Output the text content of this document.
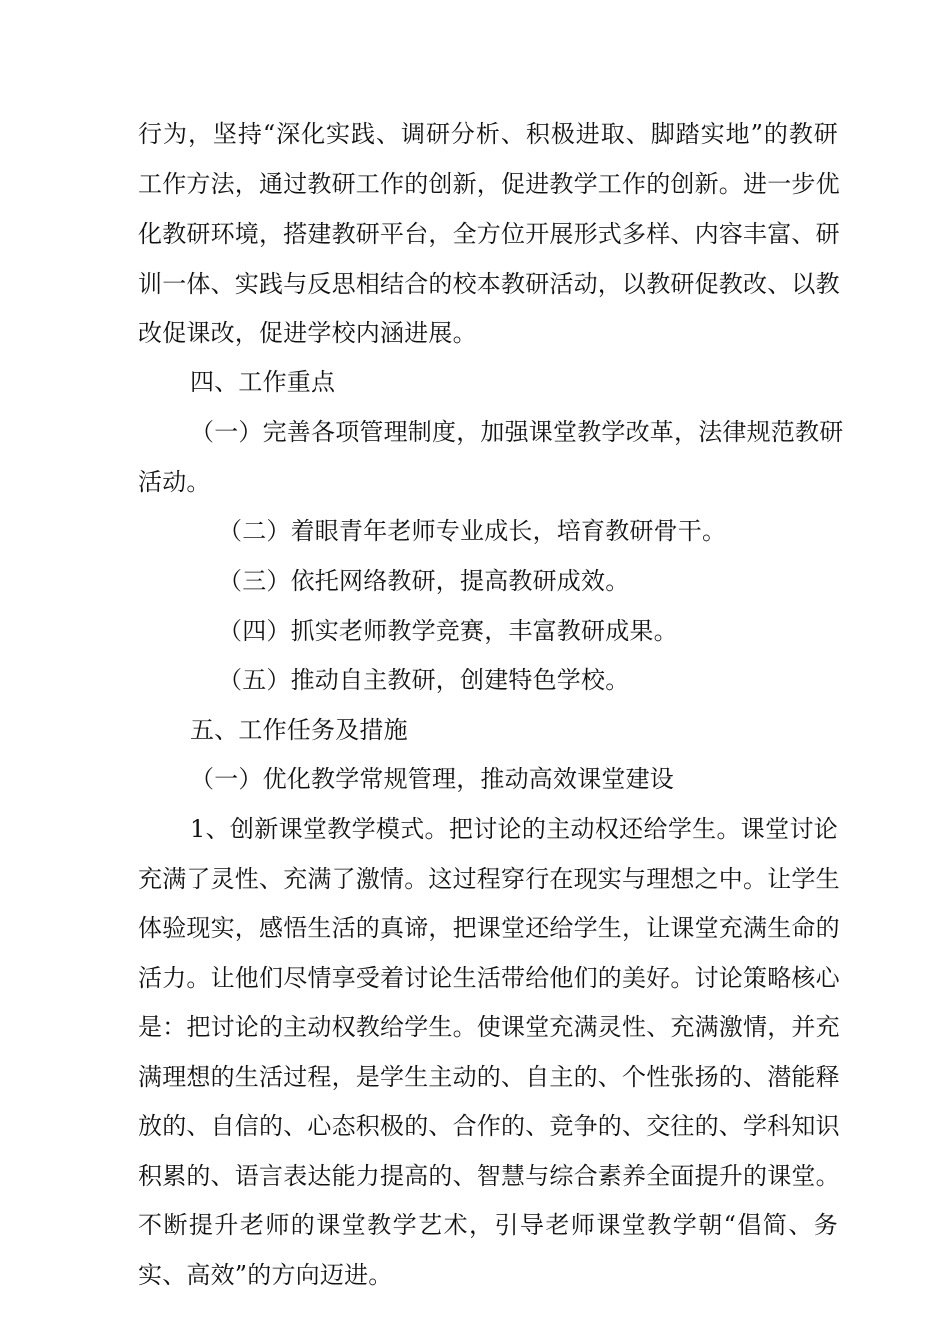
行为，坚持“深化实践、调研分析、积极进取、脚踏实地”的教研
工作方法，通过教研工作的创新，促进教学工作的创新。进一步优
化教研环境，搭建教研平台，全方位开展形式多样、内容丰富、研
训一体、实践与反思相结合的校本教研活动，以教研促教改、以教
改促课改，促进学校内涵进展。
四、工作重点
（一）完善各项管理制度，加强课堂教学改革，法律规范教研
活动。
（二）着眼青年老师专业成长，培育教研骨干。
（三）依托网络教研，提高教研成效。
（四）抓实老师教学竞赛，丰富教研成果。
（五）推动自主教研，创建特色学校。
五、工作任务及措施
（一）优化教学常规管理，推动高效课堂建设
1、创新课堂教学模式。把讨论的主动权还给学生。课堂讨论
充满了灵性、充满了激情。这过程穿行在现实与理想之中。让学生
体验现实，感悟生活的真谛，把课堂还给学生，让课堂充满生命的
活力。让他们尽情享受着讨论生活带给他们的美好。讨论策略核心
是：把讨论的主动权教给学生。使课堂充满灵性、充满激情，并充
满理想的生活过程，是学生主动的、自主的、个性张扬的、潜能释
放的、自信的、心态积极的、合作的、竞争的、交往的、学科知识
积累的、语言表达能力提高的、智慧与综合素养全面提升的课堂。
不断提升老师的课堂教学艺术，引导老师课堂教学朝“倡简、务
实、高效”的方向迈进。
